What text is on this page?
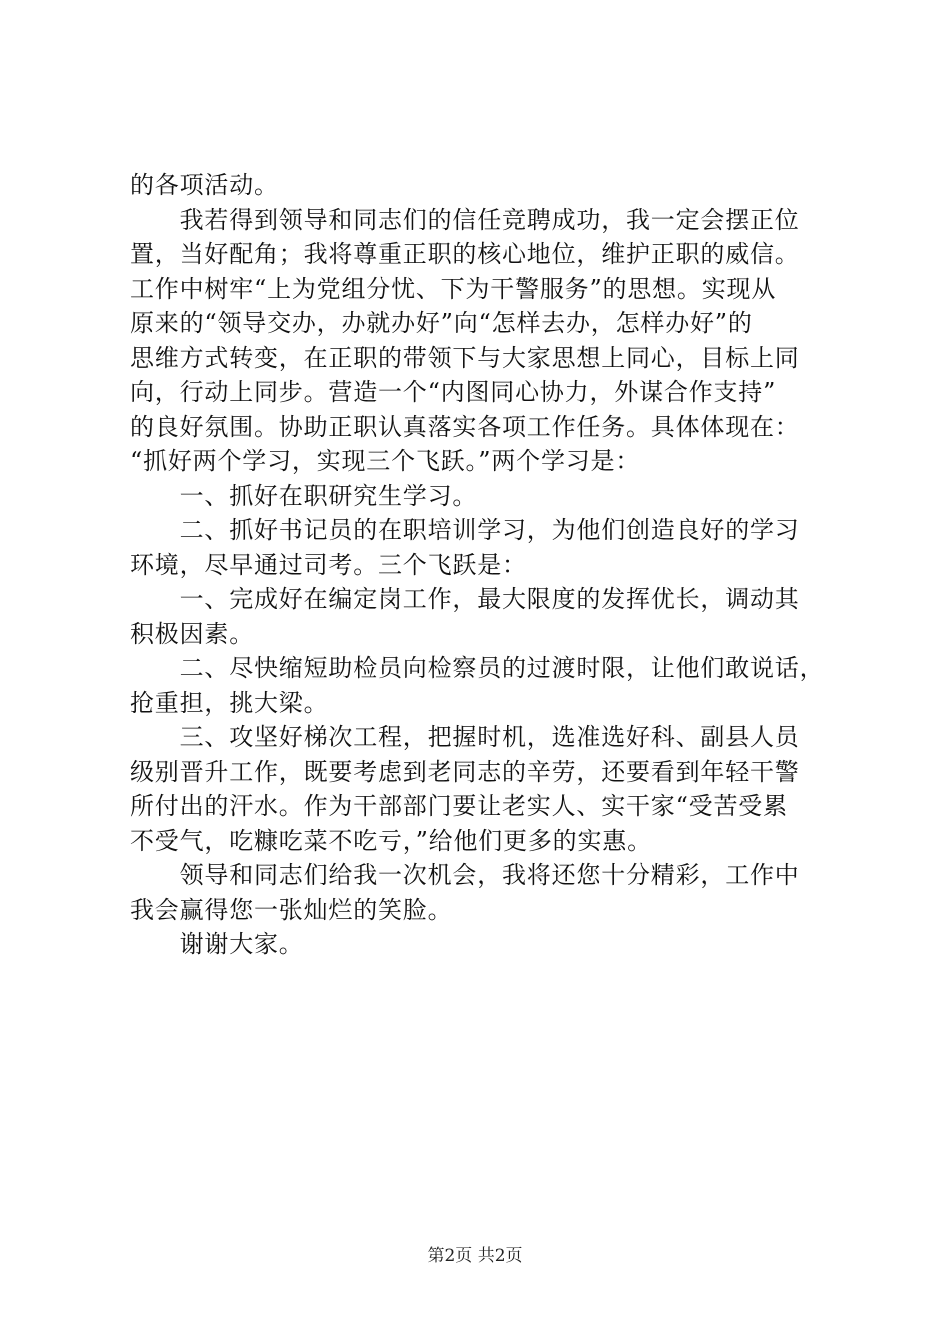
的各项活动。
　　我若得到领导和同志们的信任竞聘成功，我一定会摆正位
置，当好配角；我将尊重正职的核心地位，维护正职的威信。
工作中树牢“上为党组分忧、下为干警服务”的思想。实现从
原来的“领导交办，办就办好”向“怎样去办，怎样办好”的
思维方式转变，在正职的带领下与大家思想上同心，目标上同
向，行动上同步。营造一个“内图同心协力，外谋合作支持”
的良好氛围。协助正职认真落实各项工作任务。具体体现在：
“抓好两个学习，实现三个飞跃。”两个学习是：
　　一、抓好在职研究生学习。
　　二、抓好书记员的在职培训学习，为他们创造良好的学习
环境，尽早通过司考。三个飞跃是：
　　一、完成好在编定岗工作，最大限度的发挥优长，调动其
积极因素。
　　二、尽快缩短助检员向检察员的过渡时限，让他们敢说话，
抢重担，挑大梁。
　　三、攻坚好梯次工程，把握时机，选准选好科、副县人员
级别晋升工作，既要考虑到老同志的辛劳，还要看到年轻干警
所付出的汗水。作为干部部门要让老实人、实干家“受苦受累
不受气，吃糠吃菜不吃亏，”给他们更多的实惠。
　　领导和同志们给我一次机会，我将还您十分精彩，工作中
我会赢得您一张灿烂的笑脸。
　　谢谢大家。
第2页 共2页
